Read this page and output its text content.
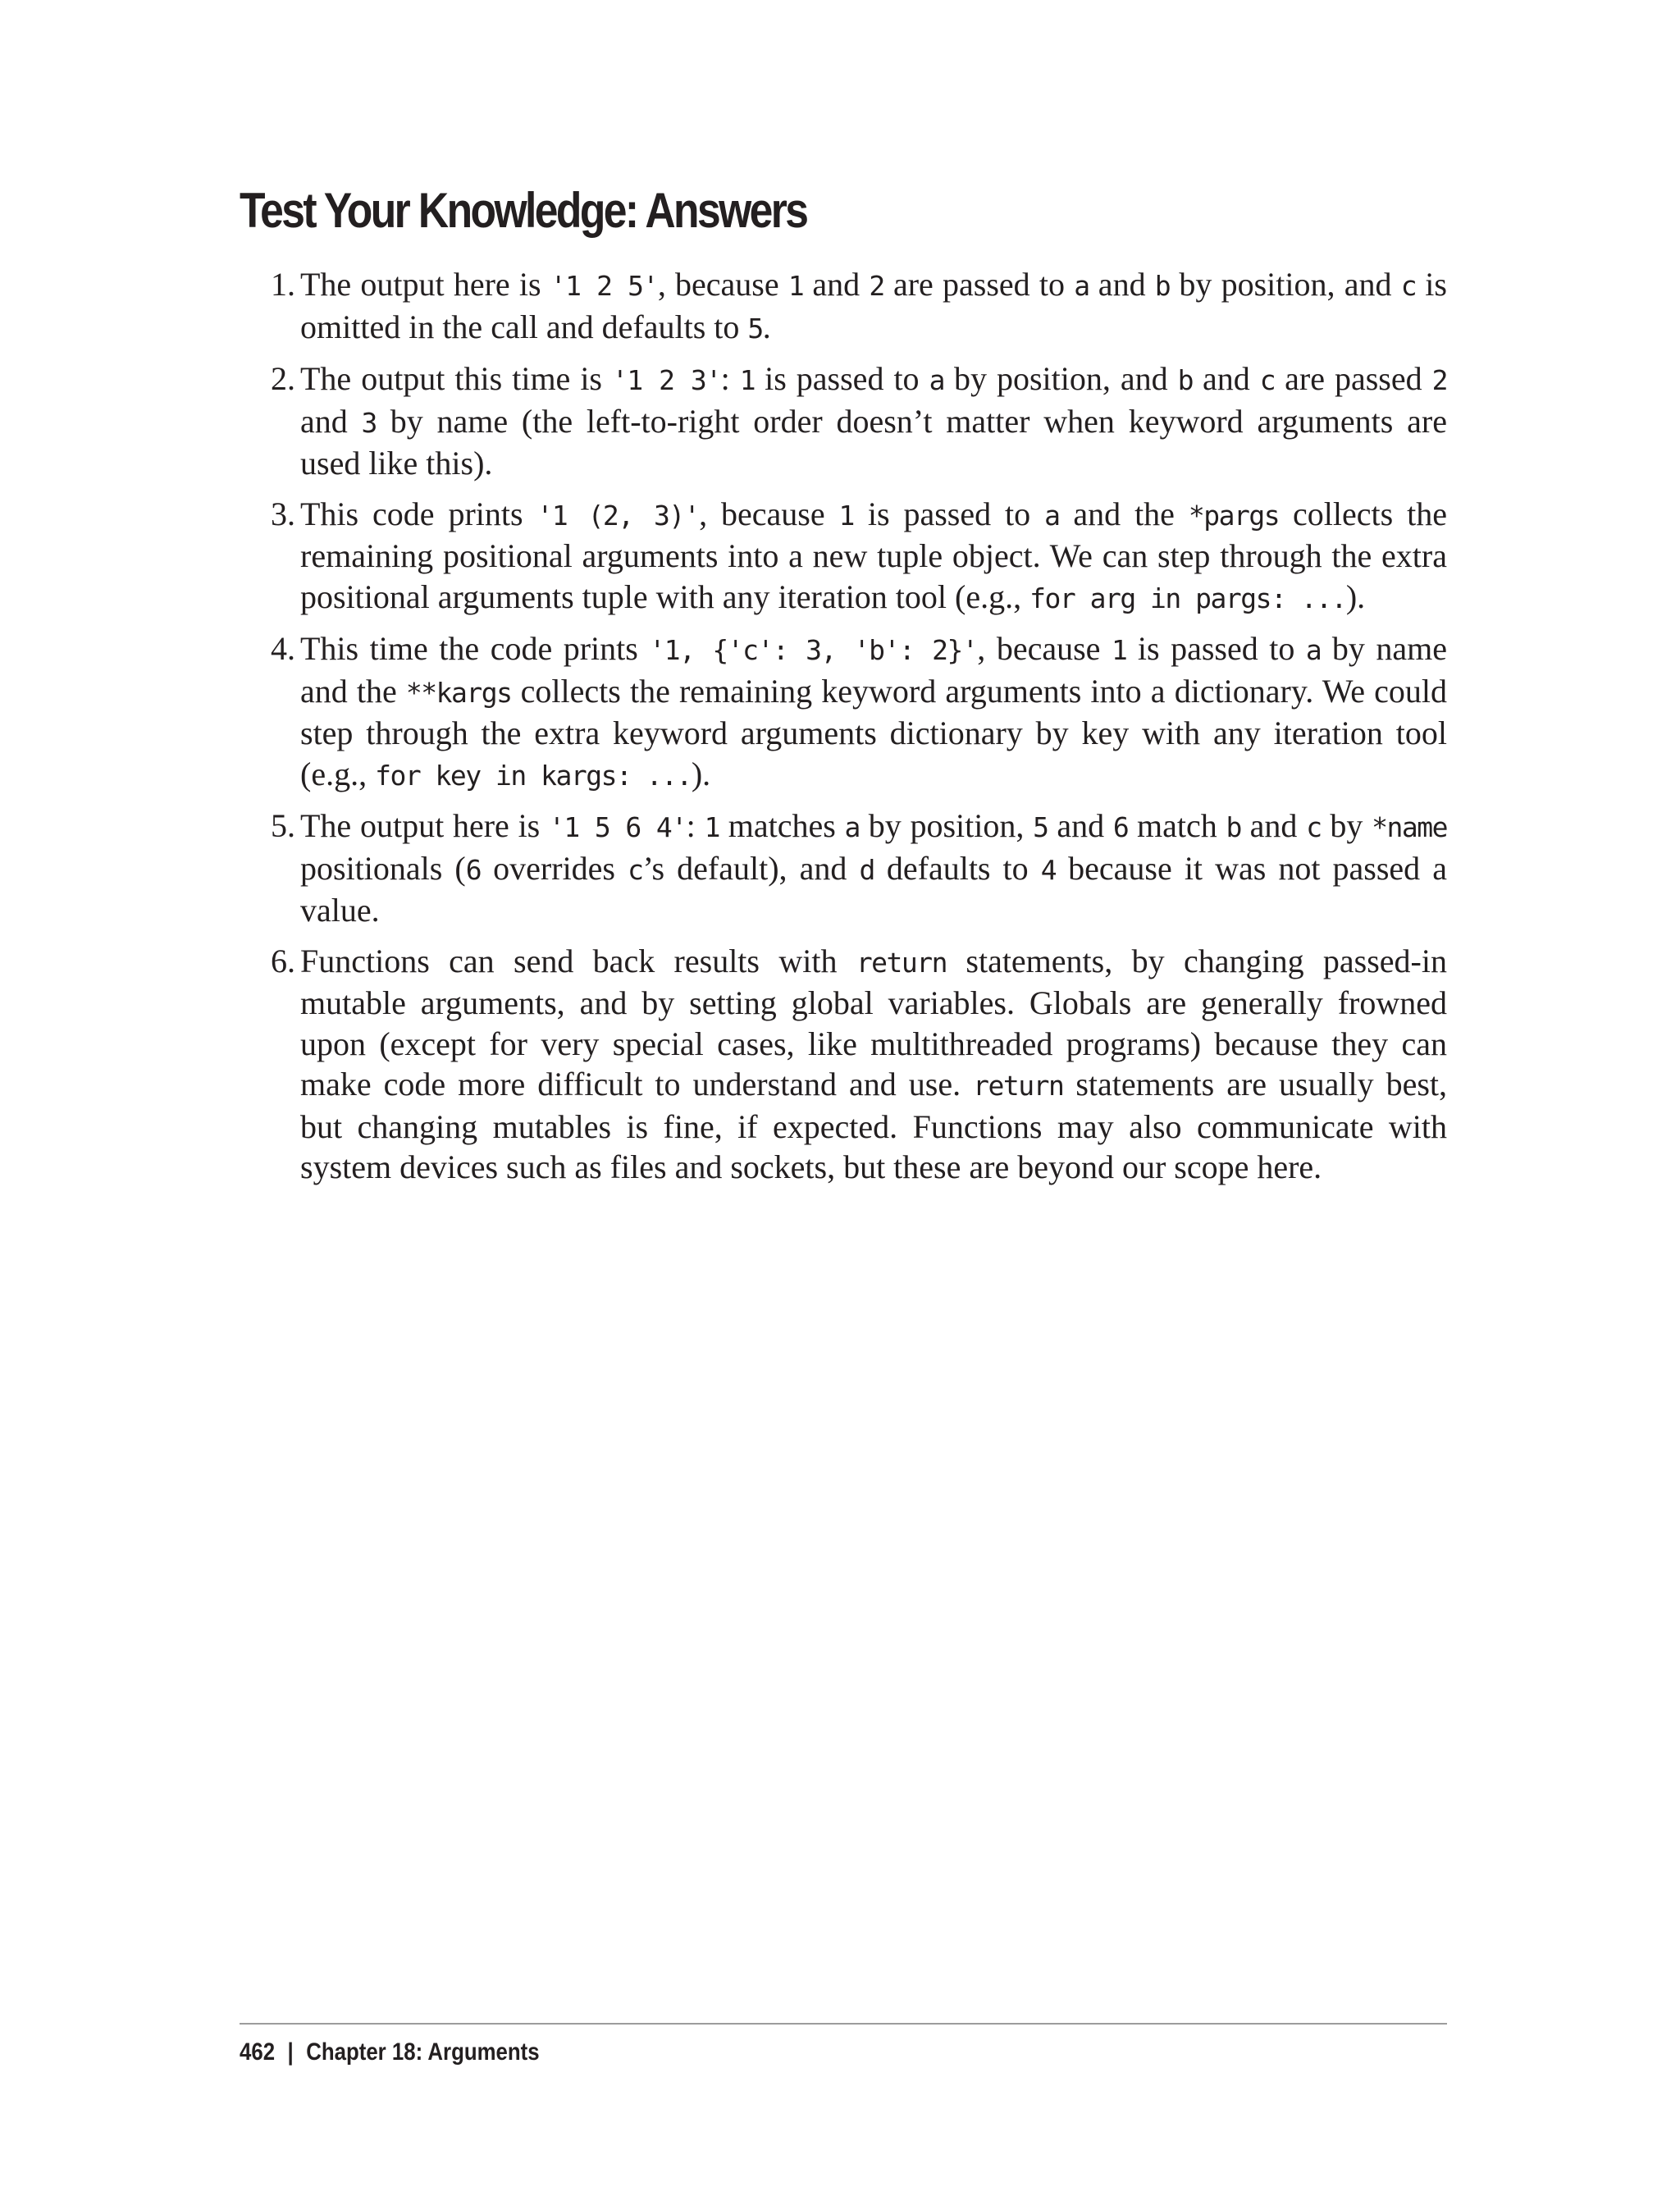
Test Your Knowledge: Answers
1. The output here is '1 2 5', because 1 and 2 are passed to a and b by position, and c is omitted in the call and defaults to 5.
2. The output this time is '1 2 3': 1 is passed to a by position, and b and c are passed 2 and 3 by name (the left-to-right order doesn’t matter when keyword arguments are used like this).
3. This code prints '1 (2, 3)', because 1 is passed to a and the *pargs collects the remaining positional arguments into a new tuple object. We can step through the extra positional arguments tuple with any iteration tool (e.g., for arg in pargs: ...).
4. This time the code prints '1, {'c': 3, 'b': 2}', because 1 is passed to a by name and the **kargs collects the remaining keyword arguments into a dictionary. We could step through the extra keyword arguments dictionary by key with any iteration tool (e.g., for key in kargs: ...).
5. The output here is '1 5 6 4': 1 matches a by position, 5 and 6 match b and c by *name positionals (6 overrides c’s default), and d defaults to 4 because it was not passed a value.
6. Functions can send back results with return statements, by changing passed-in mutable arguments, and by setting global variables. Globals are generally frowned upon (except for very special cases, like multithreaded programs) because they can make code more difficult to understand and use. return statements are usually best, but changing mutables is fine, if expected. Functions may also communicate with system devices such as files and sockets, but these are beyond our scope here.
462 | Chapter 18: Arguments
